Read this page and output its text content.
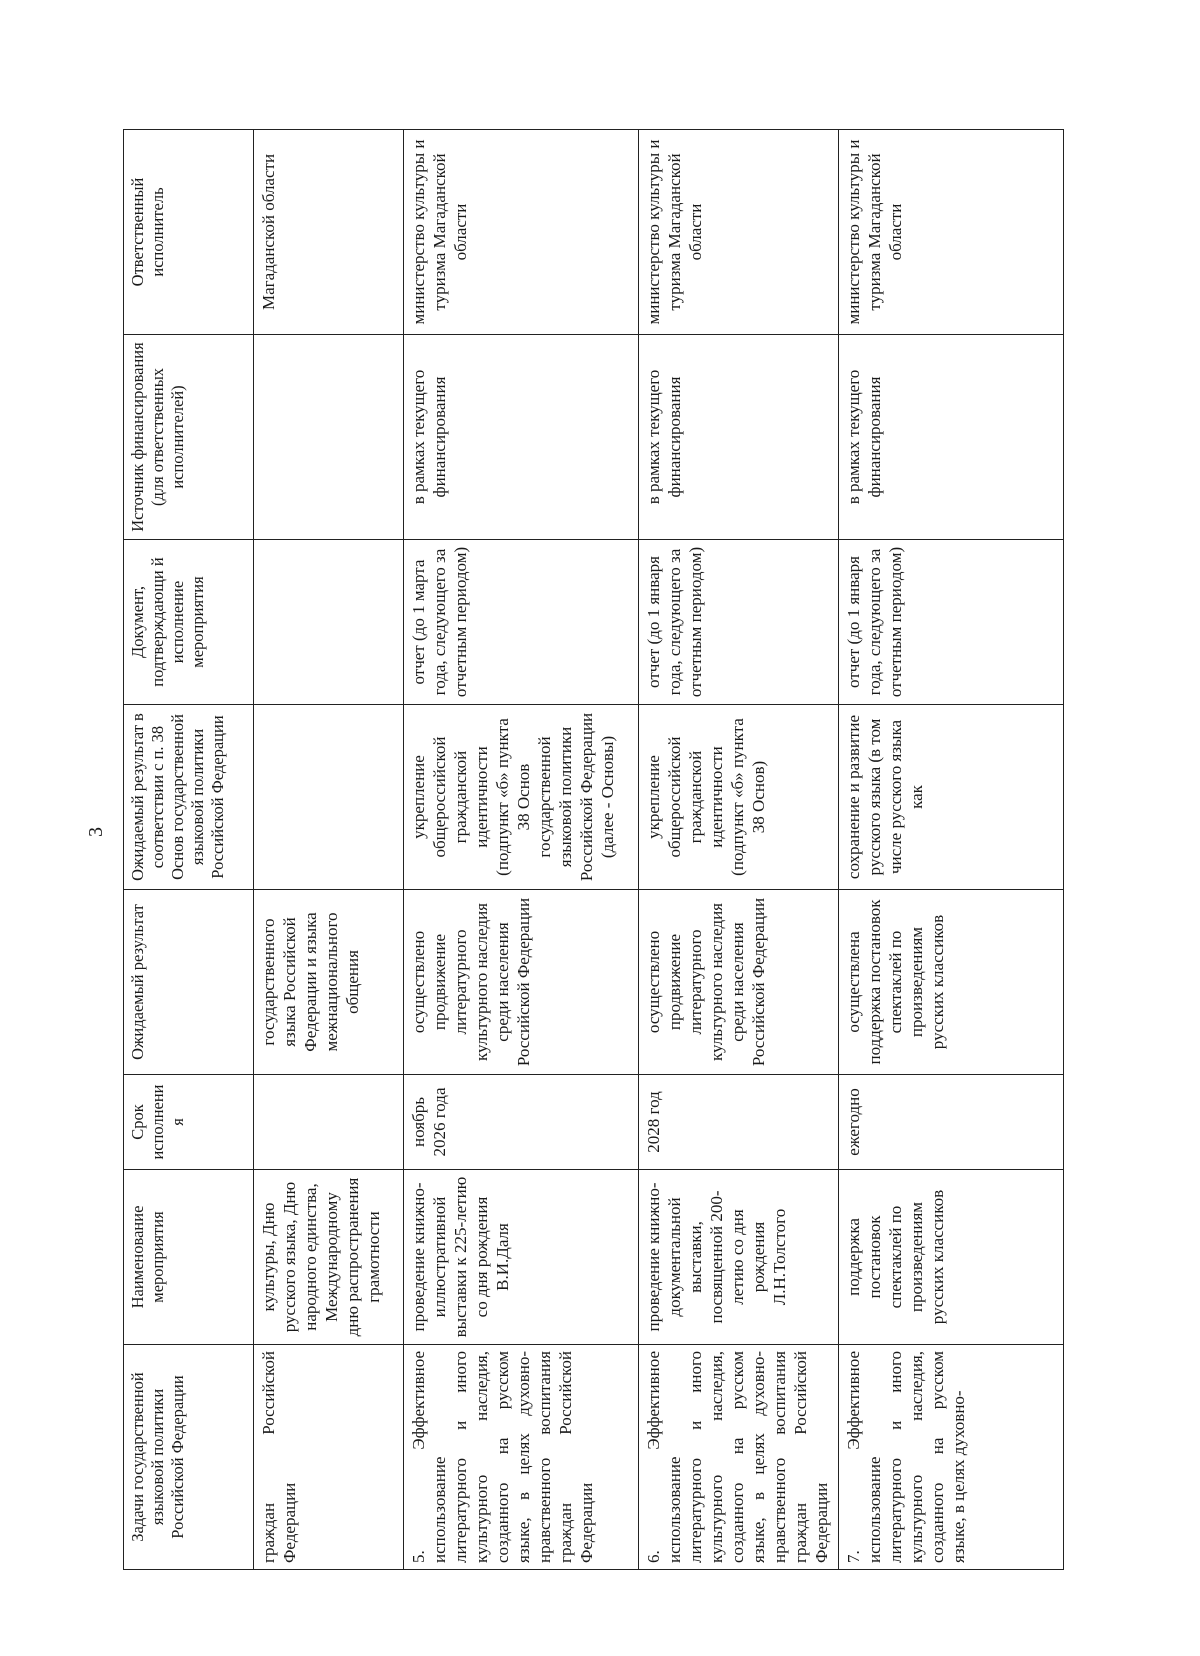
3
Задачи государственной языковой политики Российской Федерации	Наименование мероприятия	Срок исполнени я	Ожидаемый результат	Ожидаемый результат в соответствии с п. 38 Основ государственной языковой политики Российской Федерации	Документ, подтверждающи й исполнение мероприятия	Источник финансирования (для ответственных исполнителей)	Ответственный исполнитель
граждан Российской Федерации	культуры, Дню русского языка, Дню народного единства, Международному дню распространения грамотности		государственного языка Российской Федерации и языка межнационального общения				Магаданской области
5. Эффективное использование литературного и иного культурного наследия, созданного на русском языке, в целях духовно-нравственного воспитания граждан Российской Федерации	проведение книжно-иллюстративной выставки к 225-летию со дня рождения В.И.Даля	ноябрь 2026 года	осуществлено продвижение литературного культурного наследия среди населения Российской Федерации	укрепление общероссийской гражданской идентичности (подпункт «б» пункта 38 Основ государственной языковой политики Российской Федерации (далее - Основы)	отчет (до 1 марта года, следующего за отчетным периодом)	в рамках текущего финансирования	министерство культуры и туризма Магаданской области
6. Эффективное использование литературного и иного культурного наследия, созданного на русском языке, в целях духовно-нравственного воспитания граждан Российской Федерации	проведение книжно-документальной выставки, посвященной 200-летию со дня рождения Л.Н.Толстого	2028 год	осуществлено продвижение литературного культурного наследия среди населения Российской Федерации	укрепление общероссийской гражданской идентичности (подпункт «б» пункта 38 Основ)	отчет (до 1 января года, следующего за отчетным периодом)	в рамках текущего финансирования	министерство культуры и туризма Магаданской области
7. Эффективное использование литературного и иного культурного наследия, созданного на русском языке, в целях духовно-	поддержка постановок спектаклей по произведениям русских классиков	ежегодно	осуществлена поддержка постановок спектаклей по произведениям русских классиков	сохранение и развитие русского языка (в том числе русского языка как	отчет (до 1 января года, следующего за отчетным периодом)	в рамках текущего финансирования	министерство культуры и туризма Магаданской области
